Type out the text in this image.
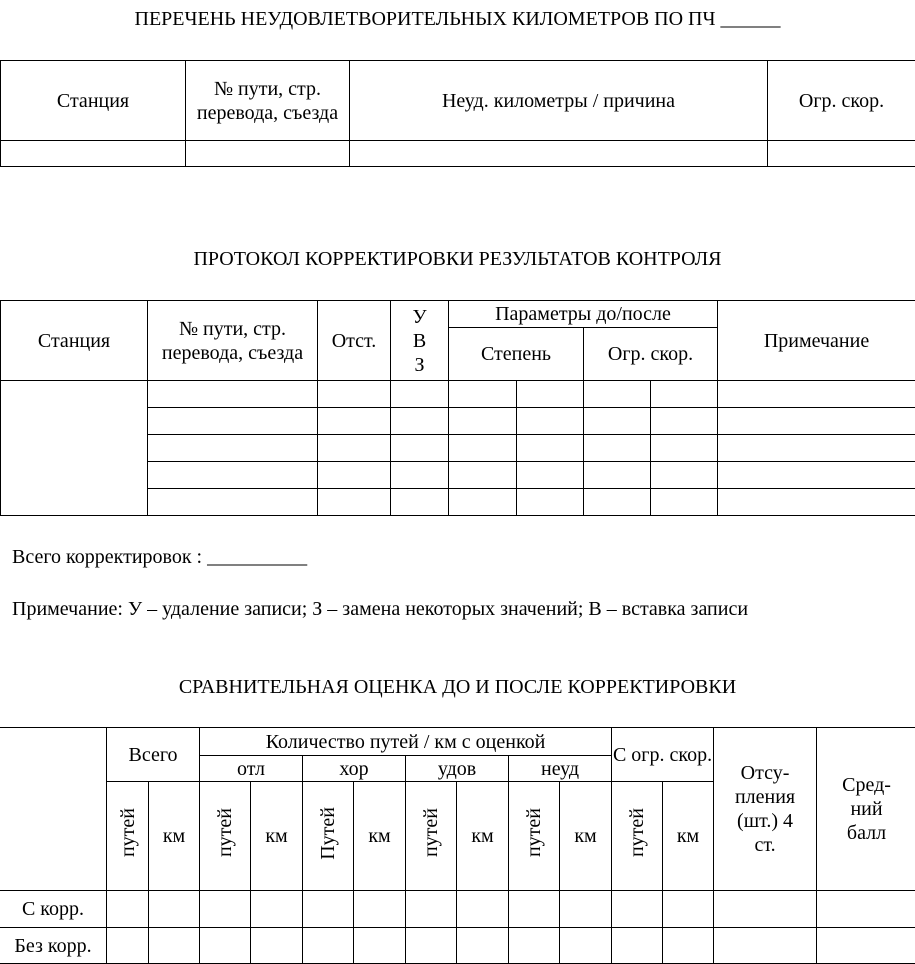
ПЕРЕЧЕНЬ НЕУДОВЛЕТВОРИТЕЛЬНЫХ КИЛОМЕТРОВ ПО ПЧ ______
Станция	№ пути, стр. перевода, съезда	Неуд. километры / причина	Огр. скор.

ПРОТОКОЛ КОРРЕКТИРОВКИ РЕЗУЛЬТАТОВ КОНТРОЛЯ
Станция	№ пути, стр. перевода, съезда	Отст.	У В З	Параметры до/после				Примечание
				Степень		Огр. скор.		

Всего корректировок : __________
Примечание: У – удаление записи; З – замена некоторых значений; В – вставка записи
СРАВНИТЕЛЬНАЯ ОЦЕНКА ДО И ПОСЛЕ КОРРЕКТИРОВКИ
	Всего		Количество путей / км с оценкой								С огр. скор.		Отсу-пления (шт.) 4 ст.	Сред-ний балл
			отл		хор		удов		неуд					
	путей	км	путей	км	Путей	км	путей	км	путей	км	путей	км		
С корр.														
Без корр.														
